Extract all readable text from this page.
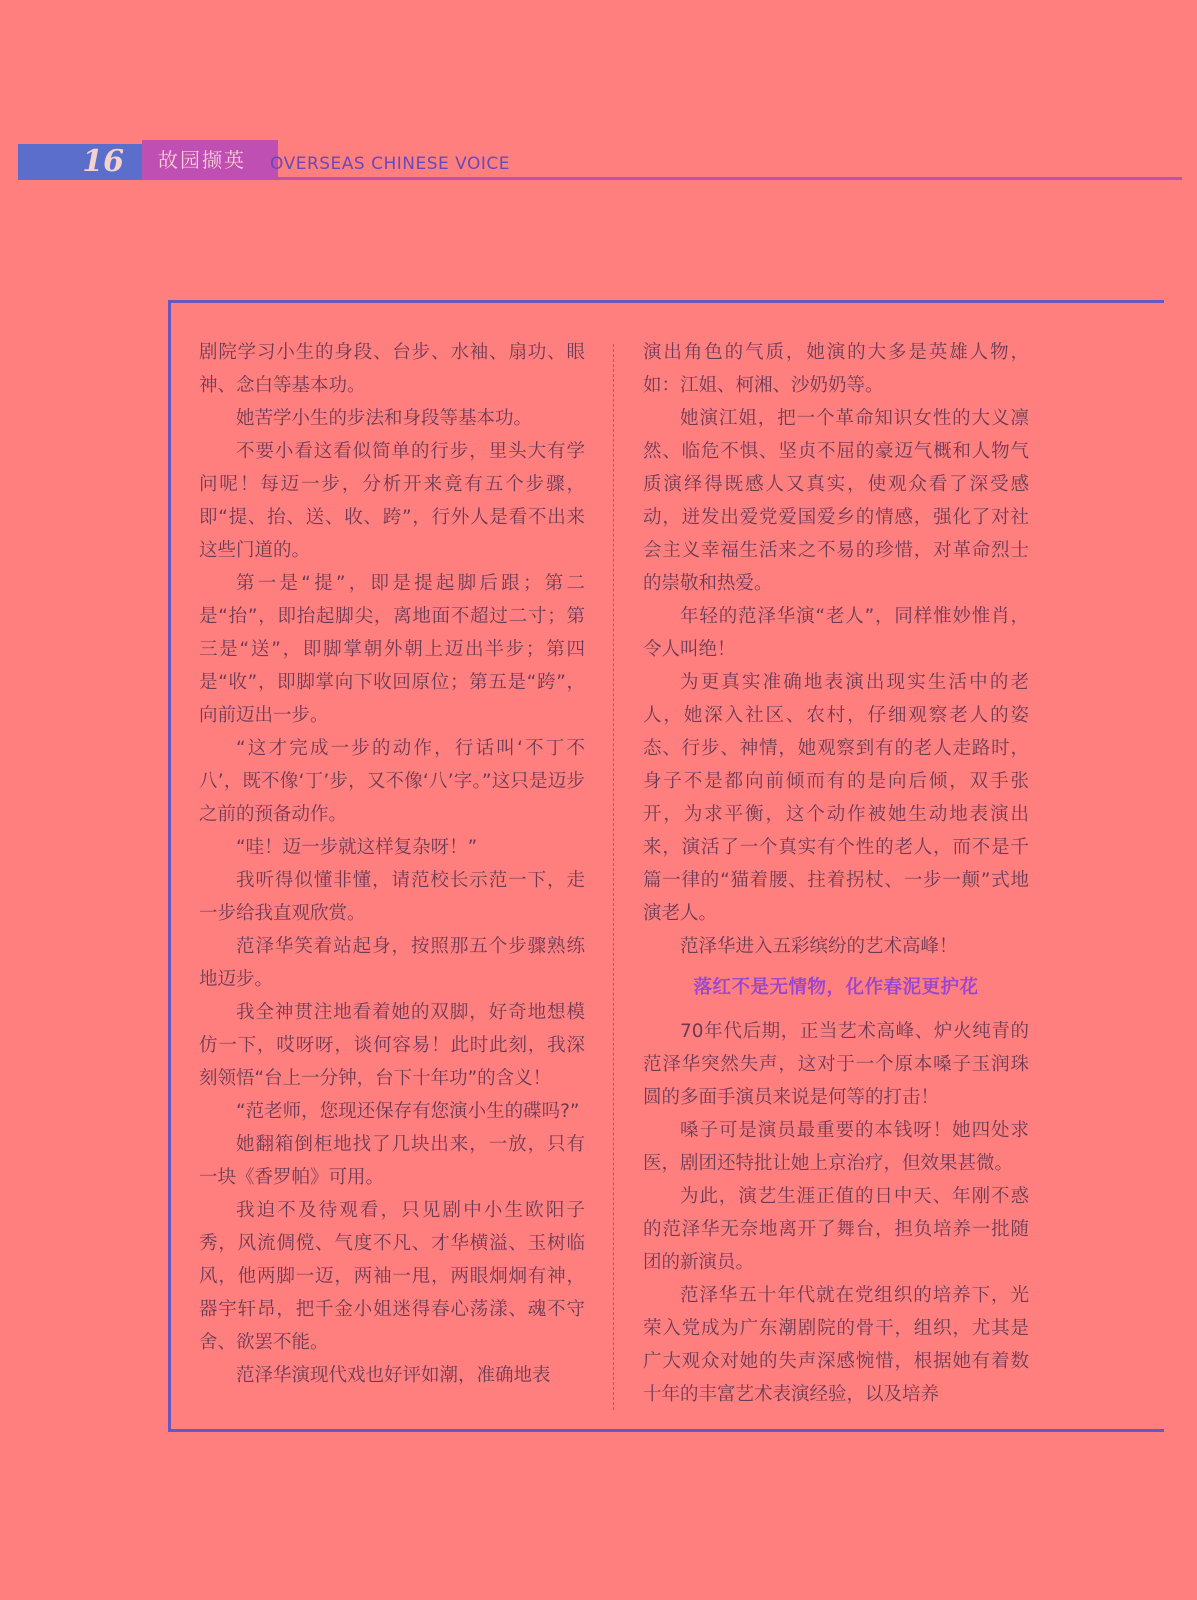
16 故园撷英 OVERSEAS CHINESE VOICE

剧院学习小生的身段、台步、水袖、扇功、眼神、念白等基本功。

她苦学小生的步法和身段等基本功。

不要小看这看似简单的行步，里头大有学问呢！每迈一步，分析开来竟有五个步骤，即“提、抬、送、收、跨”，行外人是看不出来这些门道的。

第一是“提”，即是提起脚后跟；第二是“抬”，即抬起脚尖，离地面不超过二寸；第三是“送”，即脚掌朝外朝上迈出半步；第四是“收”，即脚掌向下收回原位；第五是“跨”，向前迈出一步。

“这才完成一步的动作，行话叫‘不丁不八’，既不像‘丁’步，又不像‘八’字。”这只是迈步之前的预备动作。

“哇！迈一步就这样复杂呀！”

我听得似懂非懂，请范校长示范一下，走一步给我直观欣赏。

范泽华笑着站起身，按照那五个步骤熟练地迈步。

我全神贯注地看着她的双脚，好奇地想模仿一下，哎呀呀，谈何容易！此时此刻，我深刻领悟“台上一分钟，台下十年功”的含义！

“范老师，您现还保存有您演小生的碟吗?”

她翻箱倒柜地找了几块出来，一放，只有一块《香罗帕》可用。

我迫不及待观看，只见剧中小生欧阳子秀，风流倜傥、气度不凡、才华横溢、玉树临风，他两脚一迈，两袖一甩，两眼炯炯有神，器宇轩昂，把千金小姐迷得春心荡漾、魂不守舍、欲罢不能。

范泽华演现代戏也好评如潮，准确地表

演出角色的气质，她演的大多是英雄人物，如：江姐、柯湘、沙奶奶等。

她演江姐，把一个革命知识女性的大义凛然、临危不惧、坚贞不屈的豪迈气概和人物气质演绎得既感人又真实，使观众看了深受感动，迸发出爱党爱国爱乡的情感，强化了对社会主义幸福生活来之不易的珍惜，对革命烈士的崇敬和热爱。

年轻的范泽华演“老人”，同样惟妙惟肖，令人叫绝！

为更真实准确地表演出现实生活中的老人，她深入社区、农村，仔细观察老人的姿态、行步、神情，她观察到有的老人走路时，身子不是都向前倾而有的是向后倾，双手张开，为求平衡，这个动作被她生动地表演出来，演活了一个真实有个性的老人，而不是千篇一律的“猫着腰、拄着拐杖、一步一颠”式地演老人。

范泽华进入五彩缤纷的艺术高峰！

落红不是无情物，化作春泥更护花

70年代后期，正当艺术高峰、炉火纯青的范泽华突然失声，这对于一个原本嗓子玉润珠圆的多面手演员来说是何等的打击！

嗓子可是演员最重要的本钱呀！她四处求医，剧团还特批让她上京治疗，但效果甚微。

为此，演艺生涯正值的日中天、年刚不惑的范泽华无奈地离开了舞台，担负培养一批随团的新演员。

范泽华五十年代就在党组织的培养下，光荣入党成为广东潮剧院的骨干，组织，尤其是广大观众对她的失声深感惋惜，根据她有着数十年的丰富艺术表演经验，以及培养
